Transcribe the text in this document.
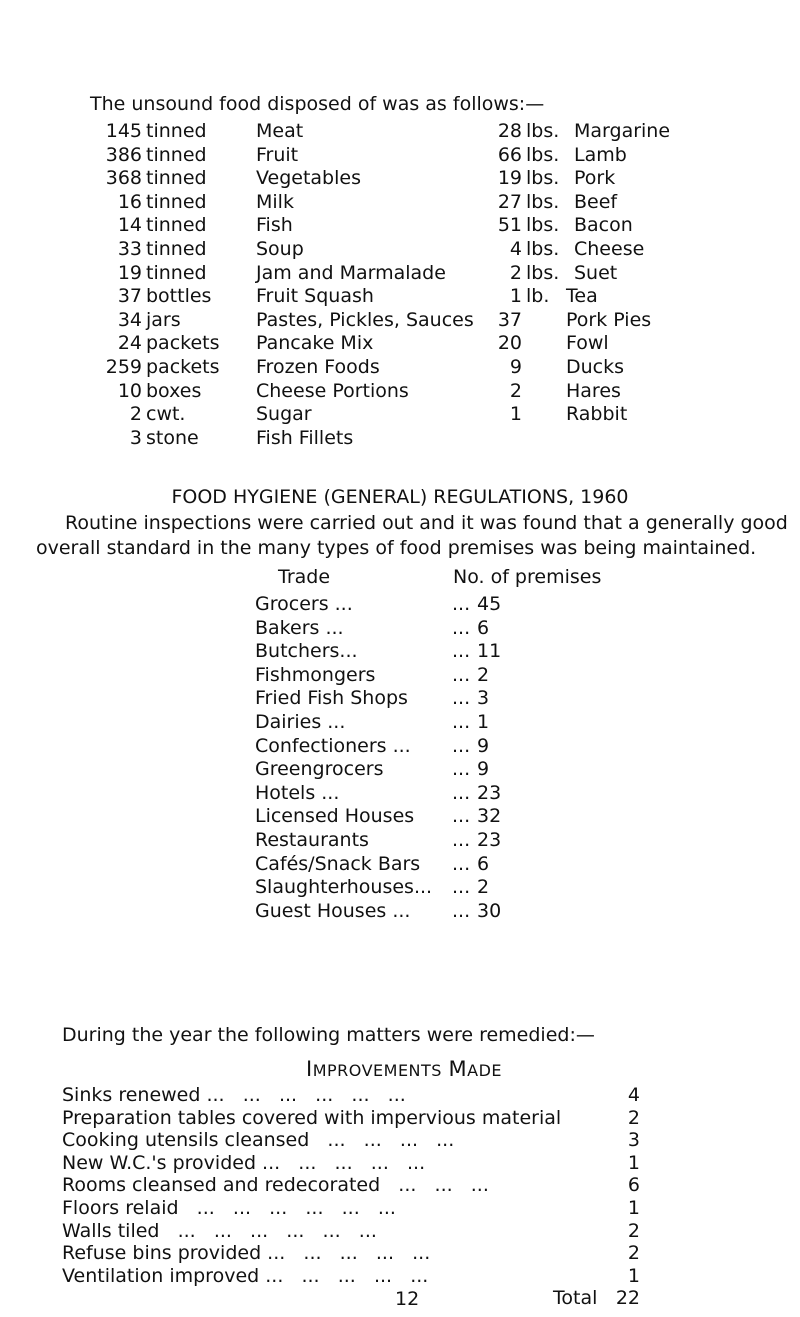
The unsound food disposed of was as follows:—
145 tinned	Meat
386 tinned	Fruit
368 tinned	Vegetables
16 tinned	Milk
14 tinned	Fish
33 tinned	Soup
19 tinned	Jam and Marmalade
37 bottles Fruit Squash
34 jars	Pastes, Pickles, Sauces
24 packets Pancake Mix
259 packets Frozen Foods
10 boxes	Cheese Portions
2 cwt.	Sugar
3 stone	Fish Fillets
28 lbs. Margarine
66 lbs. Lamb
19 lbs. Pork
27 lbs. Beef
51 lbs. Bacon
4 lbs. Cheese
2 lbs. Suet
1 lb. Tea
37 Pork Pies
20 Fowl
9 Ducks
2 Hares
1 Rabbit
FOOD HYGIENE (GENERAL) REGULATIONS, 1960
Routine inspections were carried out and it was found that a generally good
overall standard in the many types of food premises was being maintained.
Trade	No. of premises
Grocers ...	... 45
Bakers ...	... 6
Butchers...	... 11
Fishmongers	... 2
Fried Fish Shops ... 3
Dairies ...	... 1
Confectioners ... ... 9
Greengrocers	... 9
Hotels ...	... 23
Licensed Houses ... 32
Restaurants	... 23
Cafés/Snack Bars ... 6
Slaughterhouses... ... 2
Guest Houses ... ... 30
During the year the following matters were remedied:—
IMPROVEMENTS MADE
Sinks renewed ...   ...   ...   ...   ...   ...	4
Preparation tables covered with impervious material	2
Cooking utensils cleansed   ...   ...   ...   ...	3
New W.C.'s provided ...   ...   ...   ...   ...	1
Rooms cleansed and redecorated   ...   ...   ...	6
Floors relaid   ...   ...   ...   ...   ...   ...	1
Walls tiled   ...   ...   ...   ...   ...   ...	2
Refuse bins provided ...   ...   ...   ...   ...	2
Ventilation improved ...   ...   ...   ...   ...	1
Total 22
12
